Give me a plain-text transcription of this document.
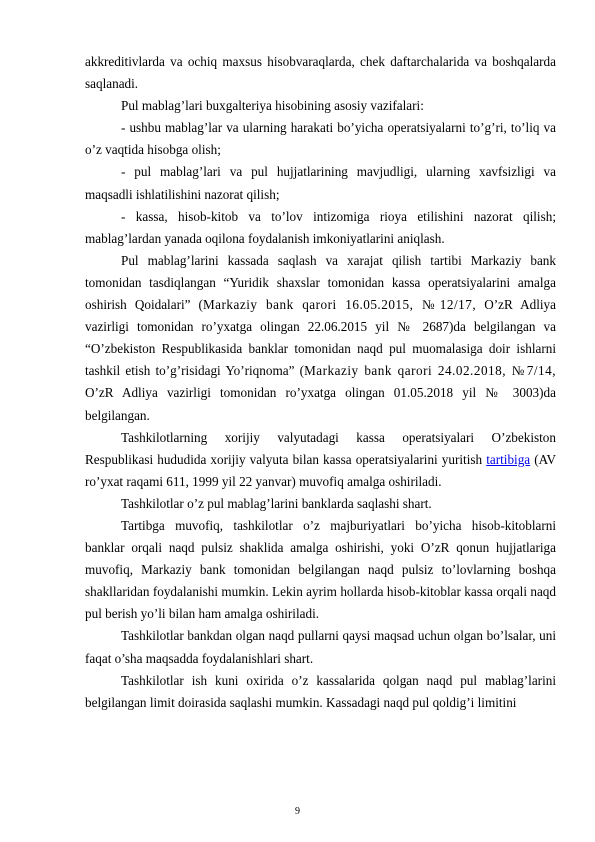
akkreditivlarda va ochiq maxsus hisobvaraqlarda, chek daftarchalarida va boshqalarda saqlanadi.

Pul mablag’lari buxgalteriya hisobining asosiy vazifalari:

- ushbu mablag’lar va ularning harakati bo’yicha operatsiyalarni to’g’ri, to’liq va o’z vaqtida hisobga olish;

- pul mablag’lari va pul hujjatlarining mavjudligi, ularning xavfsizligi va maqsadli ishlatilishini nazorat qilish;

- kassa, hisob-kitob va to’lov intizomiga rioya etilishini nazorat qilish; mablag’lardan yanada oqilona foydalanish imkoniyatlarini aniqlash.

Pul mablag’larini kassada saqlash va xarajat qilish tartibi Markaziy bank tomonidan tasdiqlangan “Yuridik shaxslar tomonidan kassa operatsiyalarini amalga oshirish Qoidalari” (Markaziy bank qarori 16.05.2015, №12/17, O’zR Adliya vazirligi tomonidan ro’yxatga olingan 22.06.2015 yil № 2687)da belgilangan va “O’zbekiston Respublikasida banklar tomonidan naqd pul muomalasiga doir ishlarni tashkil etish to’g’risidagi Yo’riqnoma” (Markaziy bank qarori 24.02.2018, №7/14, O’zR Adliya vazirligi tomonidan ro’yxatga olingan 01.05.2018 yil № 3003)da belgilangan.

Tashkilotlarning xorijiy valyutadagi kassa operatsiyalari O’zbekiston Respublikasi hududida xorijiy valyuta bilan kassa operatsiyalarini yuritish tartibiga (AV ro’yxat raqami 611, 1999 yil 22 yanvar) muvofiq amalga oshiriladi.

Tashkilotlar o’z pul mablag’larini banklarda saqlashi shart.

Tartibga muvofiq, tashkilotlar o’z majburiyatlari bo’yicha hisob-kitoblarni banklar orqali naqd pulsiz shaklida amalga oshirishi, yoki O’zR qonun hujjatlariga muvofiq, Markaziy bank tomonidan belgilangan naqd pulsiz to’lovlarning boshqa shakllaridan foydalanishi mumkin. Lekin ayrim hollarda hisob-kitoblar kassa orqali naqd pul berish yo’li bilan ham amalga oshiriladi.

Tashkilotlar bankdan olgan naqd pullarni qaysi maqsad uchun olgan bo’lsalar, uni faqat o’sha maqsadda foydalanishlari shart.

Tashkilotlar ish kuni oxirida o’z kassalarida qolgan naqd pul mablag’larini belgilangan limit doirasida saqlashi mumkin. Kassadagi naqd pul qoldig’i limitini

9
